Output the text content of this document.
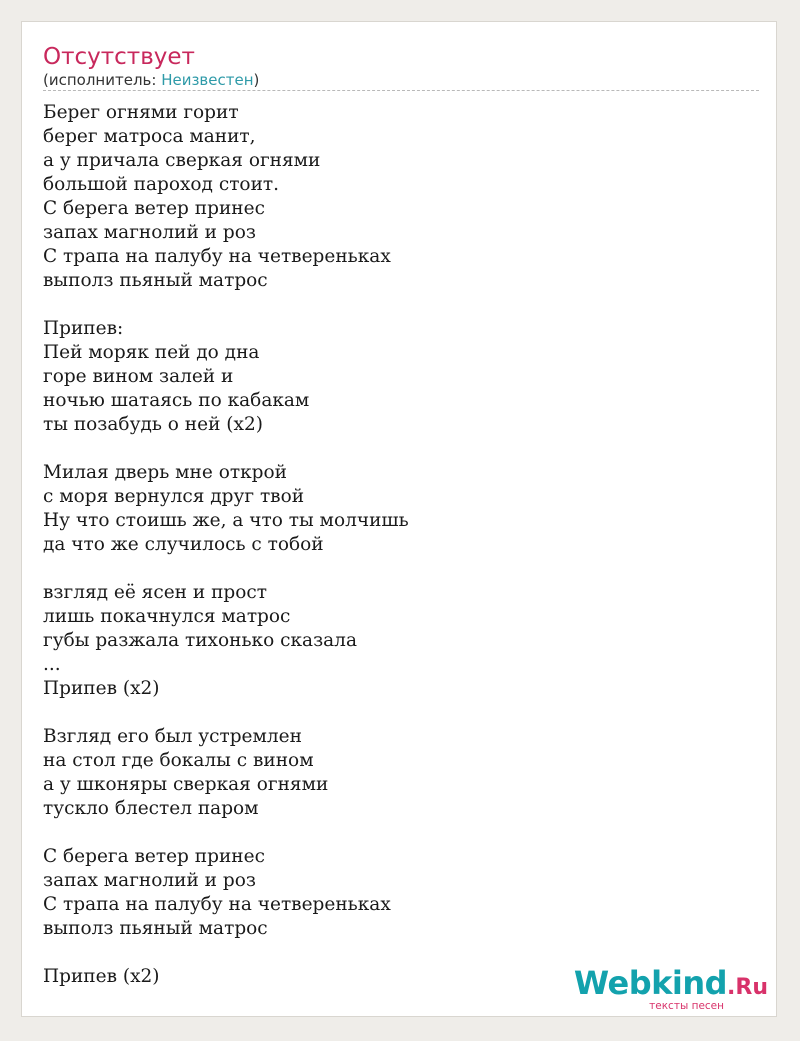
Отсутствует
(исполнитель: Неизвестен)
Берег огнями горит
берег матроса манит,
а у причала сверкая огнями
большой пароход стоит.
С берега ветер принес
запах магнолий и роз
С трапа на палубу на четвереньках
выполз пьяный матрос

Припев:
Пей моряк пей до дна
горе вином залей и
ночью шатаясь по кабакам
ты позабудь о ней (х2)

Милая дверь мне открой
с моря вернулся друг твой
Ну что стоишь же, а что ты молчишь
да что же случилось с тобой

взгляд её ясен и прост
лишь покачнулся матрос
губы разжала тихонько сказала
...
Припев (х2)

Взгляд его был устремлен
на стол где бокалы с вином
а у шконяры сверкая огнями
тускло блестел паром

С берега ветер принес
запах магнолий и роз
С трапа на палубу на четвереньках
выполз пьяный матрос

Припев (х2)	Webkind.Ru
тексты песен
